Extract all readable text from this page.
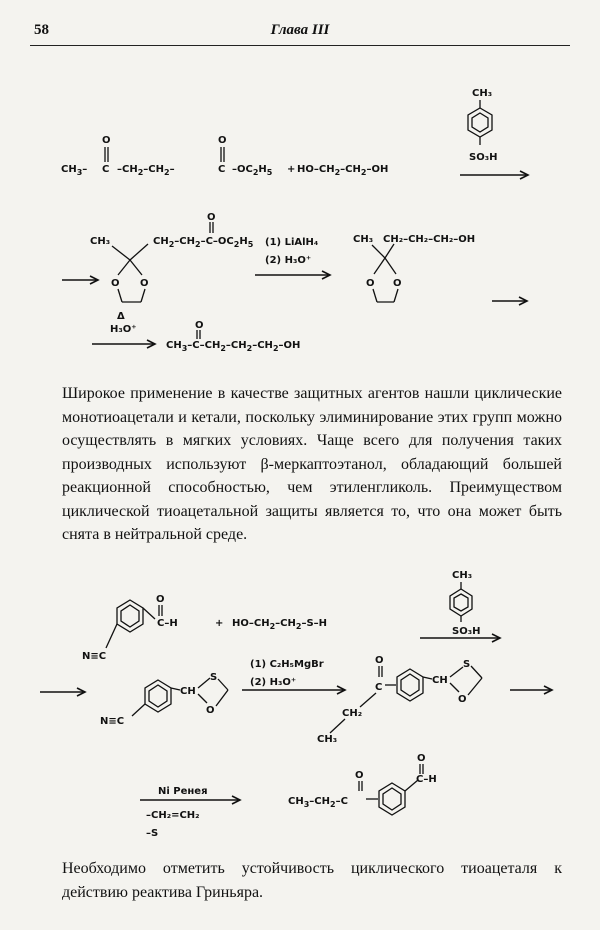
58	Глава III
$CH_3-$ C
O
$-CH_2-CH_2-$	C
O
$-OC_2H_5 + HO-CH_2-CH_2-OH$
CH₃
SO₃H
CH₃	$CH_2-CH_2-C-OC_2H_5$
O
O O
(1) LiAlH₄
(2) H₃O⁺
CH₃ CH₂–CH₂–CH₂–OH
O O
Δ
H₃O⁺	O
$CH_3-C-CH_2-CH_2-CH_2-OH$
C–H
O
N≡C
+ $HO-CH_2-CH_2-S-H$
CH₃
SO₃H
CH
S
O
N≡C
(1) C₂H₅MgBr
(2) H₃O⁺
O
C
CH
S
O
CH₂
CH₃
Ni Ренея
–CH₂=CH₂
–S
O
$CH_3-CH_2-C$
C–H
O
Широкое применение в качестве защитных агентов нашли циклические монотиоацетали и кетали, поскольку элиминирование этих групп можно осуществлять в мягких условиях. Чаще всего для получения таких производных используют β-меркаптоэтанол, обладающий большей реакционной способностью, чем этиленгликоль. Преимуществом циклической тиоацетальной защиты является то, что она может быть снята в нейтральной среде.
Необходимо отметить устойчивость циклического тиоацеталя к действию реактива Гриньяра.
